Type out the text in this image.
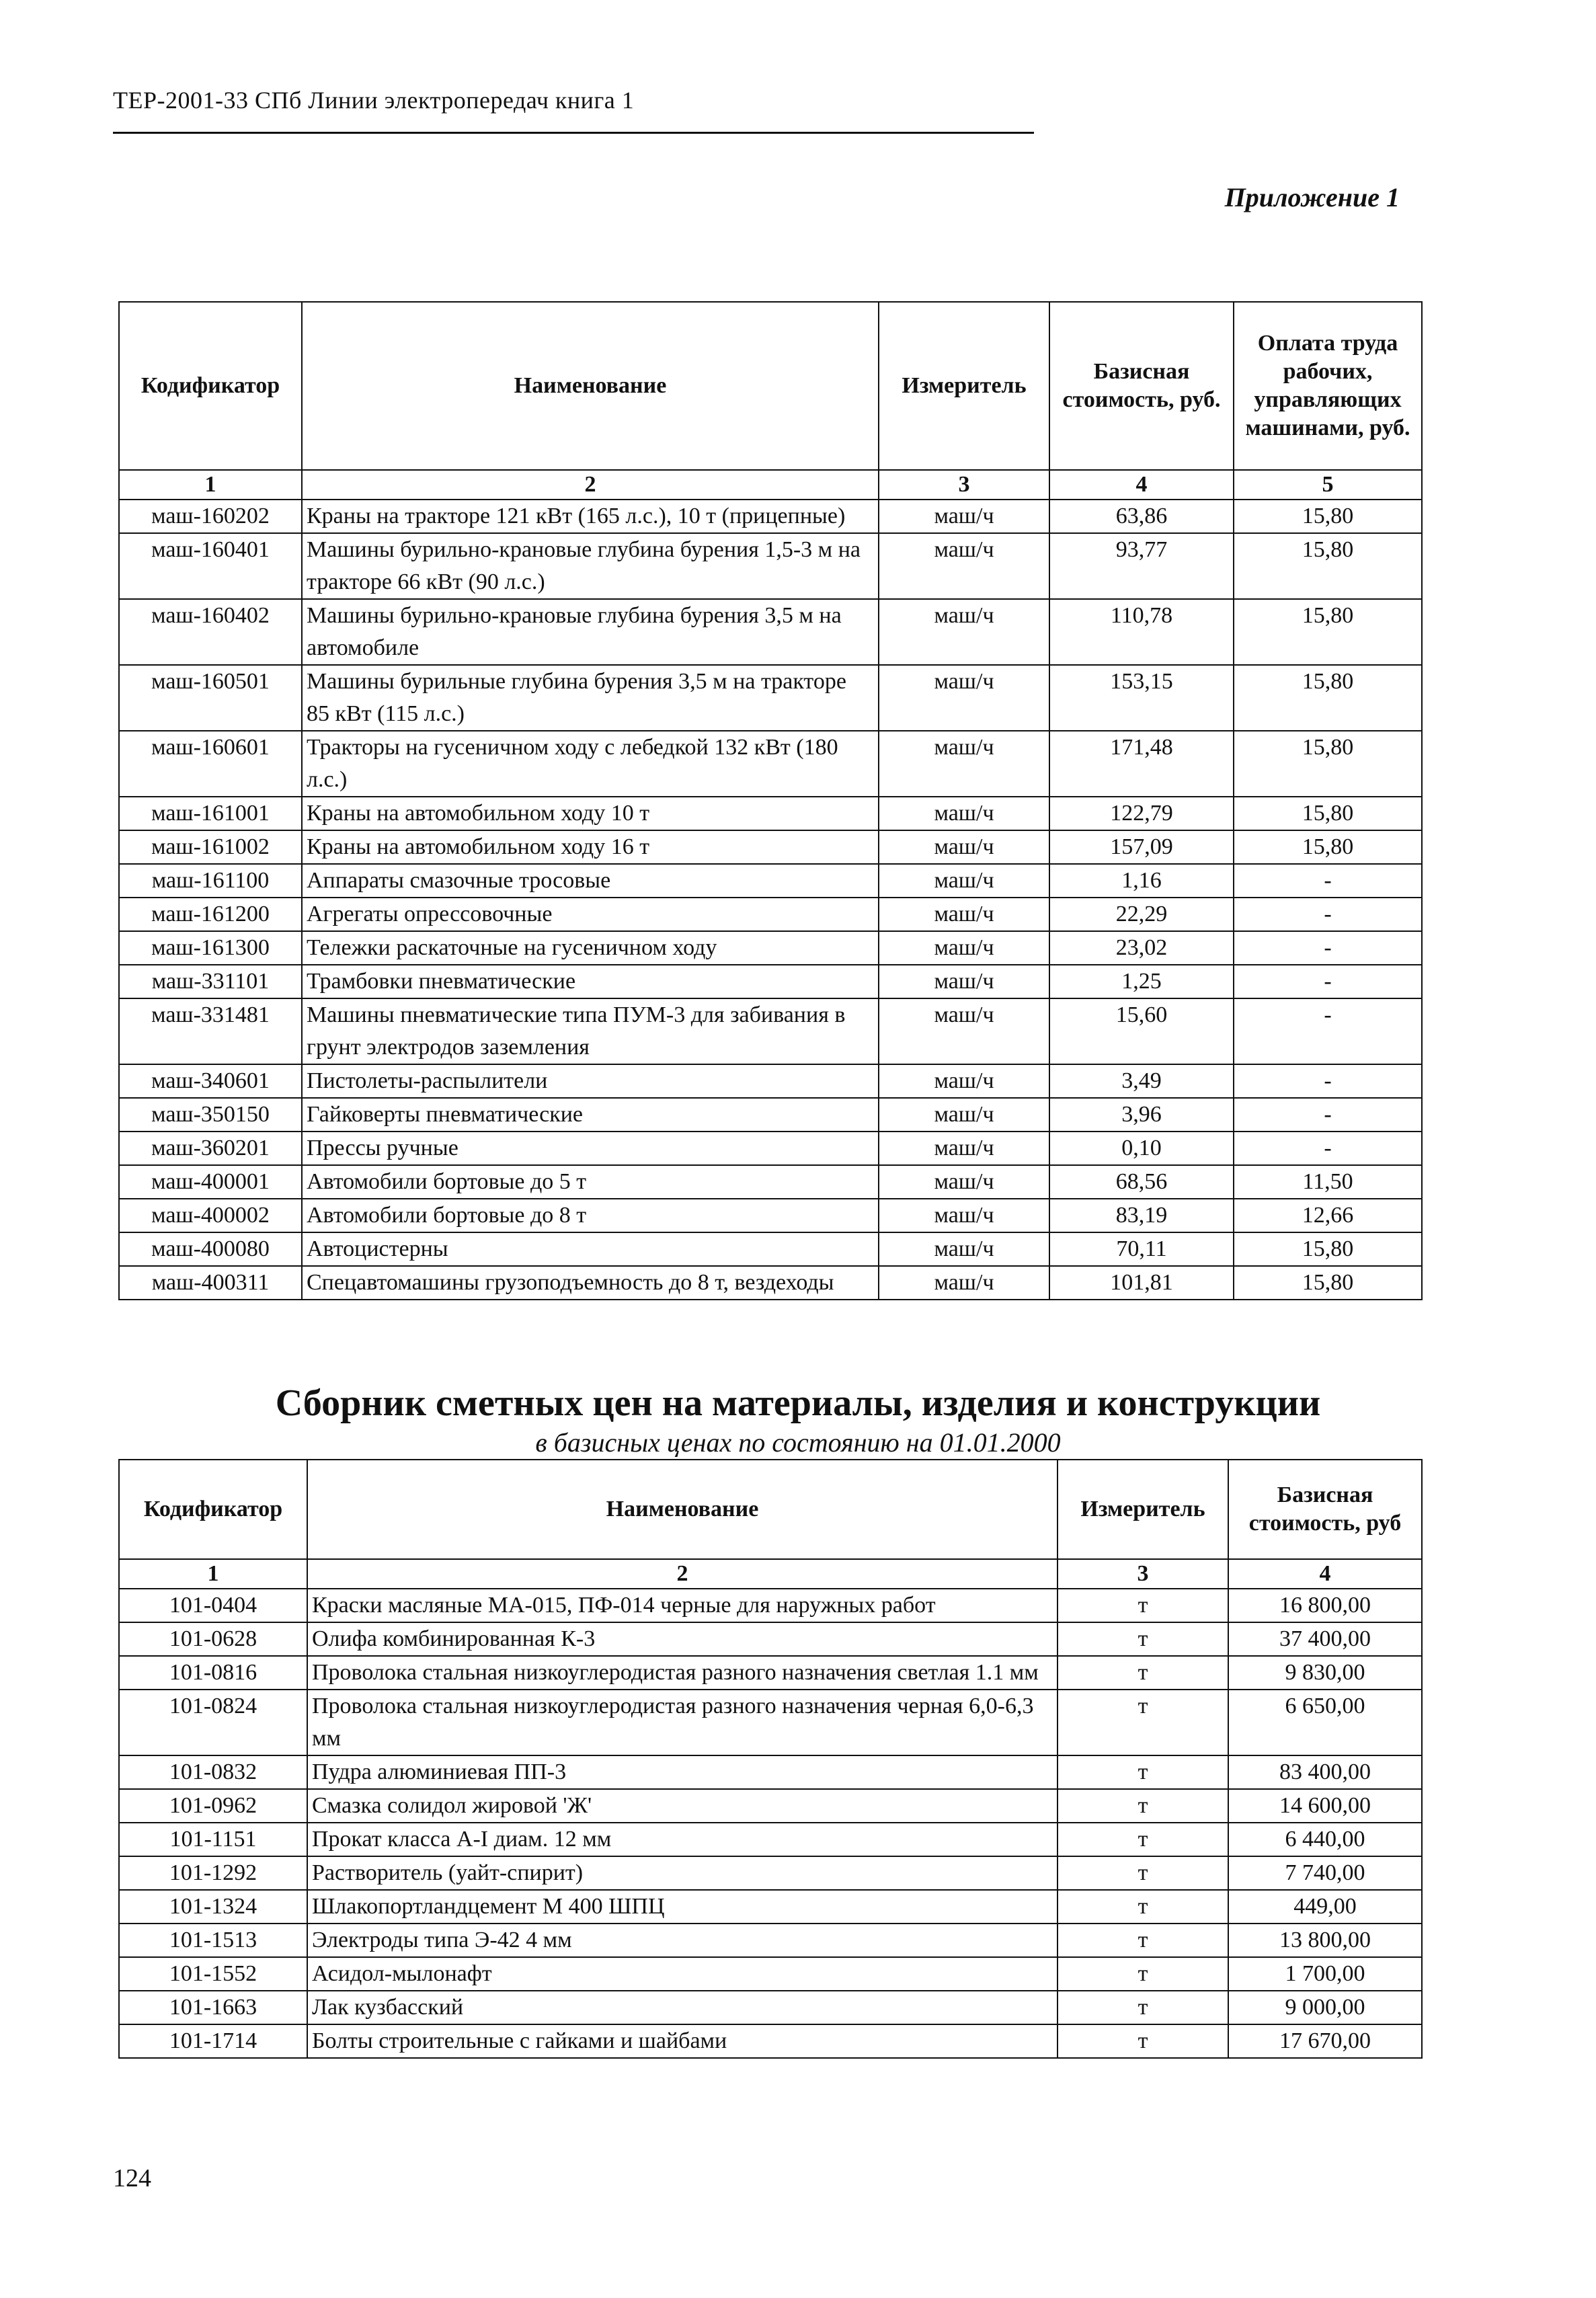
ТЕР-2001-33 СПб Линии электропередач книга 1
Приложение 1
Кодификатор	Наименование	Измеритель	Базисная стоимость, руб.	Оплата труда рабочих, управляющих машинами, руб.
1	2	3	4	5
маш-160202	Краны на тракторе 121 кВт (165 л.с.), 10 т (прицепные)	маш/ч	63,86	15,80
маш-160401	Машины бурильно-крановые глубина бурения 1,5-3 м на тракторе 66 кВт (90 л.с.)	маш/ч	93,77	15,80
маш-160402	Машины бурильно-крановые глубина бурения 3,5 м на автомобиле	маш/ч	110,78	15,80
маш-160501	Машины бурильные глубина бурения 3,5 м на тракторе 85 кВт (115 л.с.)	маш/ч	153,15	15,80
маш-160601	Тракторы на гусеничном ходу с лебедкой 132 кВт (180 л.с.)	маш/ч	171,48	15,80
маш-161001	Краны на автомобильном ходу 10 т	маш/ч	122,79	15,80
маш-161002	Краны на автомобильном ходу 16 т	маш/ч	157,09	15,80
маш-161100	Аппараты смазочные тросовые	маш/ч	1,16	-
маш-161200	Агрегаты опрессовочные	маш/ч	22,29	-
маш-161300	Тележки раскаточные на гусеничном ходу	маш/ч	23,02	-
маш-331101	Трамбовки пневматические	маш/ч	1,25	-
маш-331481	Машины пневматические типа ПУМ-3 для забивания в грунт электродов заземления	маш/ч	15,60	-
маш-340601	Пистолеты-распылители	маш/ч	3,49	-
маш-350150	Гайковерты пневматические	маш/ч	3,96	-
маш-360201	Прессы ручные	маш/ч	0,10	-
маш-400001	Автомобили бортовые до 5 т	маш/ч	68,56	11,50
маш-400002	Автомобили бортовые до 8 т	маш/ч	83,19	12,66
маш-400080	Автоцистерны	маш/ч	70,11	15,80
маш-400311	Спецавтомашины грузоподъемность до 8 т, вездеходы	маш/ч	101,81	15,80
Сборник сметных цен на материалы, изделия и конструкции
в базисных ценах по состоянию на 01.01.2000
Кодификатор	Наименование	Измеритель	Базисная стоимость, руб
1	2	3	4
101-0404	Краски масляные МА-015, ПФ-014 черные для наружных работ	т	16 800,00
101-0628	Олифа комбинированная К-3	т	37 400,00
101-0816	Проволока стальная низкоуглеродистая разного назначения светлая 1.1 мм	т	9 830,00
101-0824	Проволока стальная низкоуглеродистая разного назначения черная 6,0-6,3 мм	т	6 650,00
101-0832	Пудра алюминиевая ПП-3	т	83 400,00
101-0962	Смазка солидол жировой 'Ж'	т	14 600,00
101-1151	Прокат класса А-I диам. 12 мм	т	6 440,00
101-1292	Растворитель (уайт-спирит)	т	7 740,00
101-1324	Шлакопортландцемент М 400 ШПЦ	т	449,00
101-1513	Электроды типа Э-42 4 мм	т	13 800,00
101-1552	Асидол-мылонафт	т	1 700,00
101-1663	Лак кузбасский	т	9 000,00
101-1714	Болты строительные с гайками и шайбами	т	17 670,00
124
